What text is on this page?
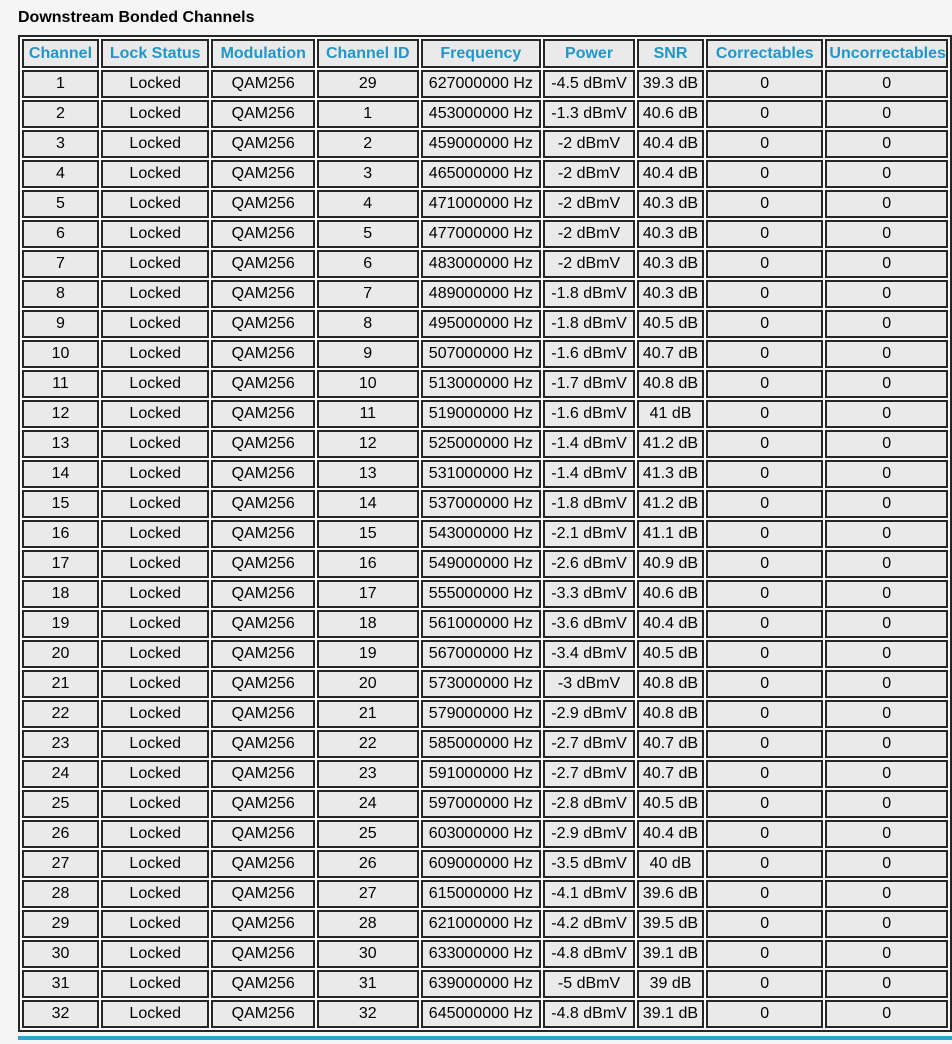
Downstream Bonded Channels
Channel	Lock Status	Modulation	Channel ID	Frequency	Power	SNR	Correctables	Uncorrectables

1	Locked	QAM256	29	627000000 Hz	-4.5 dBmV	39.3 dB	0	0
2	Locked	QAM256	1	453000000 Hz	-1.3 dBmV	40.6 dB	0	0
3	Locked	QAM256	2	459000000 Hz	-2 dBmV	40.4 dB	0	0
4	Locked	QAM256	3	465000000 Hz	-2 dBmV	40.4 dB	0	0
5	Locked	QAM256	4	471000000 Hz	-2 dBmV	40.3 dB	0	0
6	Locked	QAM256	5	477000000 Hz	-2 dBmV	40.3 dB	0	0
7	Locked	QAM256	6	483000000 Hz	-2 dBmV	40.3 dB	0	0
8	Locked	QAM256	7	489000000 Hz	-1.8 dBmV	40.3 dB	0	0
9	Locked	QAM256	8	495000000 Hz	-1.8 dBmV	40.5 dB	0	0
10	Locked	QAM256	9	507000000 Hz	-1.6 dBmV	40.7 dB	0	0
11	Locked	QAM256	10	513000000 Hz	-1.7 dBmV	40.8 dB	0	0
12	Locked	QAM256	11	519000000 Hz	-1.6 dBmV	41 dB	0	0
13	Locked	QAM256	12	525000000 Hz	-1.4 dBmV	41.2 dB	0	0
14	Locked	QAM256	13	531000000 Hz	-1.4 dBmV	41.3 dB	0	0
15	Locked	QAM256	14	537000000 Hz	-1.8 dBmV	41.2 dB	0	0
16	Locked	QAM256	15	543000000 Hz	-2.1 dBmV	41.1 dB	0	0
17	Locked	QAM256	16	549000000 Hz	-2.6 dBmV	40.9 dB	0	0
18	Locked	QAM256	17	555000000 Hz	-3.3 dBmV	40.6 dB	0	0
19	Locked	QAM256	18	561000000 Hz	-3.6 dBmV	40.4 dB	0	0
20	Locked	QAM256	19	567000000 Hz	-3.4 dBmV	40.5 dB	0	0
21	Locked	QAM256	20	573000000 Hz	-3 dBmV	40.8 dB	0	0
22	Locked	QAM256	21	579000000 Hz	-2.9 dBmV	40.8 dB	0	0
23	Locked	QAM256	22	585000000 Hz	-2.7 dBmV	40.7 dB	0	0
24	Locked	QAM256	23	591000000 Hz	-2.7 dBmV	40.7 dB	0	0
25	Locked	QAM256	24	597000000 Hz	-2.8 dBmV	40.5 dB	0	0
26	Locked	QAM256	25	603000000 Hz	-2.9 dBmV	40.4 dB	0	0
27	Locked	QAM256	26	609000000 Hz	-3.5 dBmV	40 dB	0	0
28	Locked	QAM256	27	615000000 Hz	-4.1 dBmV	39.6 dB	0	0
29	Locked	QAM256	28	621000000 Hz	-4.2 dBmV	39.5 dB	0	0
30	Locked	QAM256	30	633000000 Hz	-4.8 dBmV	39.1 dB	0	0
31	Locked	QAM256	31	639000000 Hz	-5 dBmV	39 dB	0	0
32	Locked	QAM256	32	645000000 Hz	-4.8 dBmV	39.1 dB	0	0
